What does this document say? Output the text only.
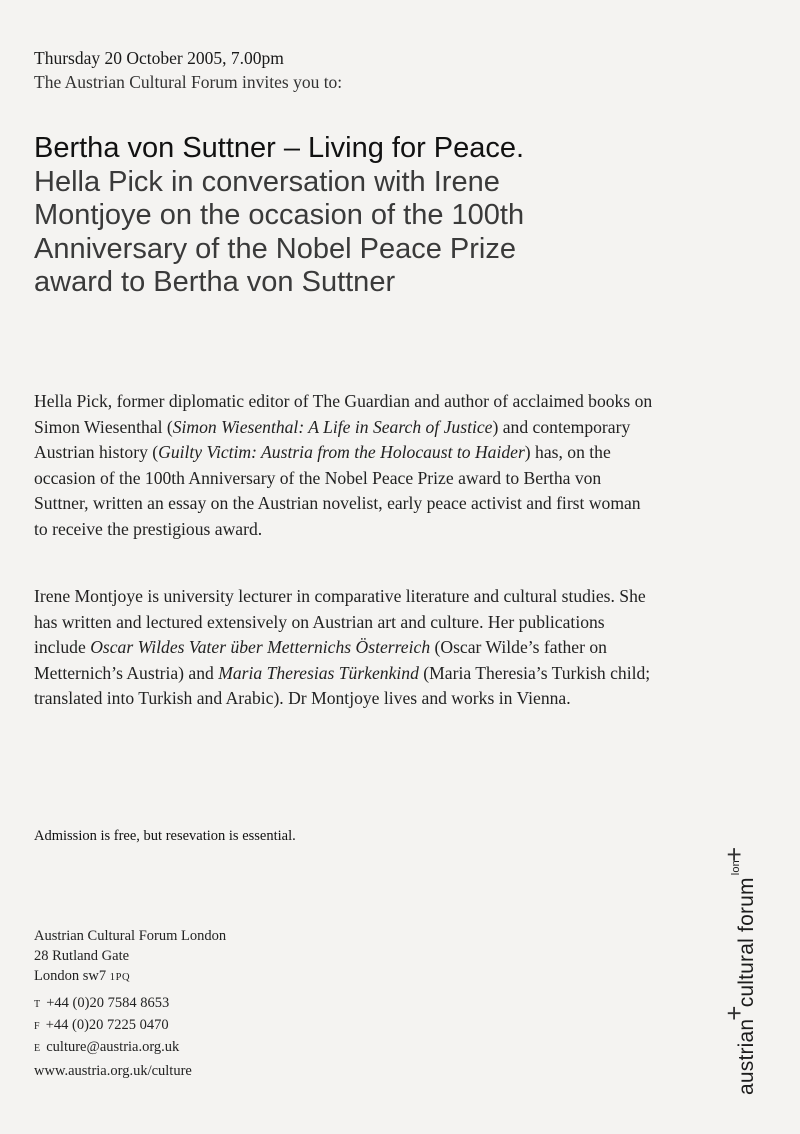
Thursday 20 October 2005, 7.00pm
The Austrian Cultural Forum invites you to:
Bertha von Suttner – Living for Peace.
Hella Pick in conversation with Irene
Montjoye on the occasion of the 100th
Anniversary of the Nobel Peace Prize
award to Bertha von Suttner
Hella Pick, former diplomatic editor of The Guardian and author of acclaimed books on Simon Wiesenthal (Simon Wiesenthal: A Life in Search of Justice) and contemporary Austrian history (Guilty Victim: Austria from the Holocaust to Haider) has, on the occasion of the 100th Anniversary of the Nobel Peace Prize award to Bertha von Suttner, written an essay on the Austrian novelist, early peace activist and first woman to receive the prestigious award.
Irene Montjoye is university lecturer in comparative literature and cultural studies. She has written and lectured extensively on Austrian art and culture. Her publications include Oscar Wildes Vater über Metternichs Österreich (Oscar Wilde’s father on Metternich’s Austria) and Maria Theresias Türkenkind (Maria Theresia’s Turkish child; translated into Turkish and Arabic). Dr Montjoye lives and works in Vienna.
Admission is free, but resevation is essential.
Austrian Cultural Forum London
28 Rutland Gate
London sw7 1PQ
T +44 (0)20 7584 8653
F +44 (0)20 7225 0470
E culture@austria.org.uk
www.austria.org.uk/culture	austrian+cultural forum$^{lon}$+
